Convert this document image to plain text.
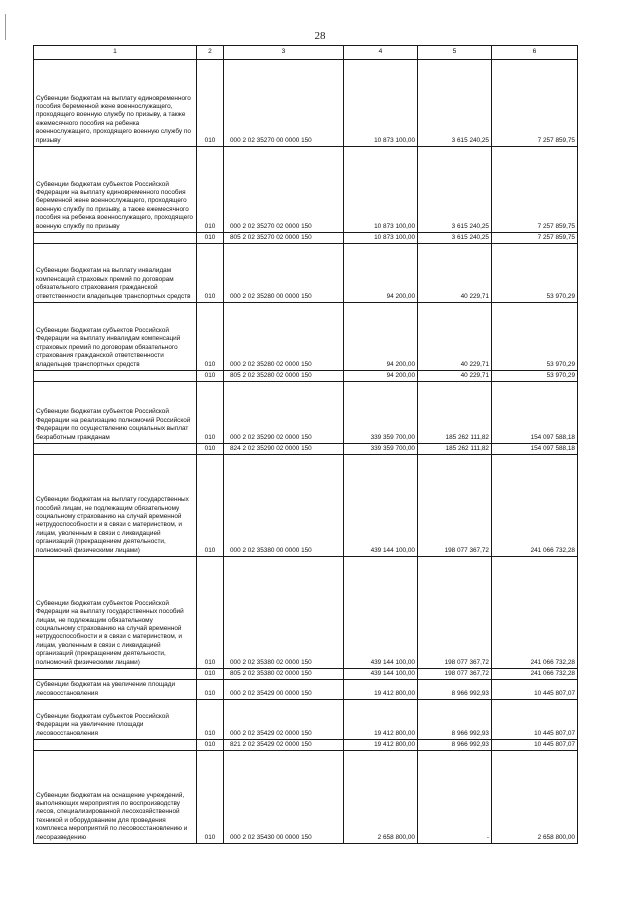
28
1	2	3	4	5	6
Субвенции бюджетам на выплату единовременного пособия беременной жене военнослужащего, проходящего военную службу по призыву, а также ежемесячного пособия на ребенка военнослужащего, проходящего военную службу по призыву	010	000 2 02 35270 00 0000 150	10 873 100,00	3 615 240,25	7 257 859,75
Субвенции бюджетам субъектов Российской Федерации на выплату единовременного пособия беременной жене военнослужащего, проходящего военную службу по призыву, а также ежемесячного пособия на ребенка военнослужащего, проходящего военную службу по призыву	010	000 2 02 35270 02 0000 150	10 873 100,00	3 615 240,25	7 257 859,75
	010	805 2 02 35270 02 0000 150	10 873 100,00	3 615 240,25	7 257 859,75
Субвенции бюджетам на выплату инвалидам компенсаций страховых премий по договорам обязательного страхования гражданской ответственности владельцев транспортных средств	010	000 2 02 35280 00 0000 150	94 200,00	40 229,71	53 970,29
Субвенции бюджетам субъектов Российской Федерации на выплату инвалидам компенсаций страховых премий по договорам обязательного страхования гражданской ответственности владельцев транспортных средств	010	000 2 02 35280 02 0000 150	94 200,00	40 229,71	53 970,29
	010	805 2 02 35280 02 0000 150	94 200,00	40 229,71	53 970,29
Субвенции бюджетам субъектов Российской Федерации на реализацию полномочий Российской Федерации по осуществлению социальных выплат безработным гражданам	010	000 2 02 35290 02 0000 150	339 359 700,00	185 262 111,82	154 097 588,18
	010	824 2 02 35290 02 0000 150	339 359 700,00	185 262 111,82	154 097 588,18
Субвенции бюджетам на выплату государственных пособий лицам, не подлежащим обязательному социальному страхованию на случай временной нетрудоспособности и в связи с материнством, и лицам, уволенным в связи с ликвидацией организаций (прекращением деятельности, полномочий физическими лицами)	010	000 2 02 35380 00 0000 150	439 144 100,00	198 077 367,72	241 066 732,28
Субвенции бюджетам субъектов Российской Федерации на выплату государственных пособий лицам, не подлежащим обязательному социальному страхованию на случай временной нетрудоспособности и в связи с материнством, и лицам, уволенным в связи с ликвидацией организаций (прекращением деятельности, полномочий физическими лицами)	010	000 2 02 35380 02 0000 150	439 144 100,00	198 077 367,72	241 066 732,28
	010	805 2 02 35380 02 0000 150	439 144 100,00	198 077 367,72	241 066 732,28
Субвенции бюджетам на увеличение площади лесовосстановления	010	000 2 02 35429 00 0000 150	19 412 800,00	8 966 992,93	10 445 807,07
Субвенции бюджетам субъектов Российской Федерации на увеличение площади лесовосстановления	010	000 2 02 35429 02 0000 150	19 412 800,00	8 966 992,93	10 445 807,07
	010	821 2 02 35429 02 0000 150	19 412 800,00	8 966 992,93	10 445 807,07
Субвенции бюджетам на оснащение учреждений, выполняющих мероприятия по воспроизводству лесов, специализированной лесохозяйственной техникой и оборудованием для проведения комплекса мероприятий по лесовосстановлению и лесоразведению	010	000 2 02 35430 00 0000 150	2 658 800,00	-	2 658 800,00
